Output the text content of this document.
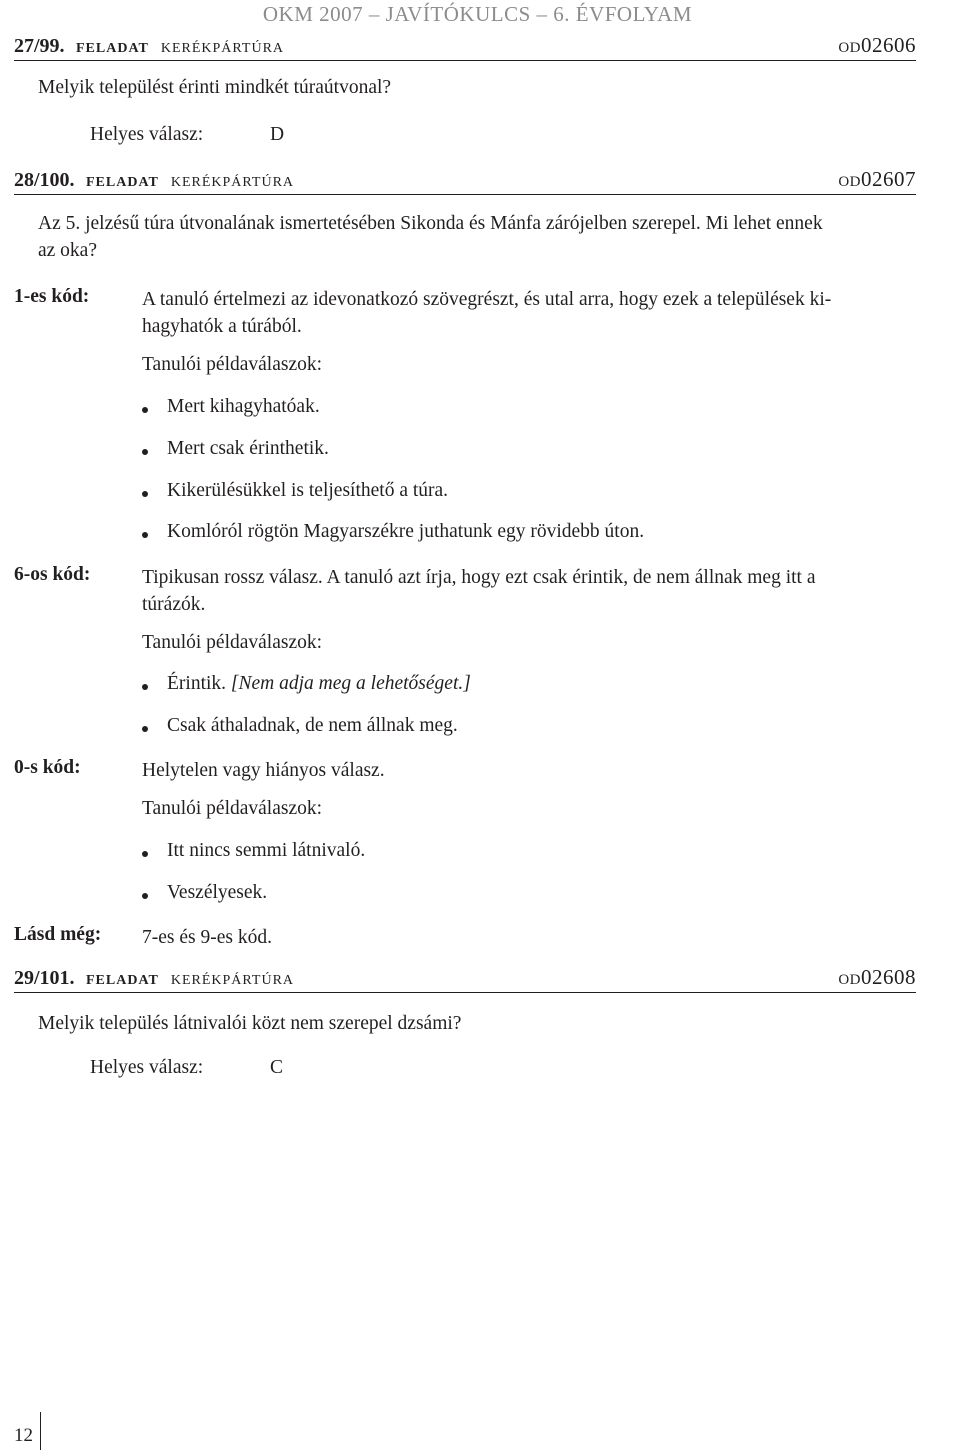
OKM 2007 – JAVÍTÓKULCS – 6. ÉVFOLYAM
27/99. feladat kerékpártúra	od02606
Melyik települést érinti mindkét túraútvonal?
Helyes válasz:	D
28/100. feladat kerékpártúra	od02607
Az 5. jelzésű túra útvonalának ismertetésében Sikonda és Mánfa zárójelben szerepel. Mi lehet ennek
az oka?
1-es kód:	A tanuló értelmezi az idevonatkozó szövegrészt, és utal arra, hogy ezek a települések ki-
hagyhatók a túrából.
Tanulói példaválaszok:
Mert kihagyhatóak.
Mert csak érinthetik.
Kikerülésükkel is teljesíthető a túra.
Komlóról rögtön Magyarszékre juthatunk egy rövidebb úton.
6-os kód:	Tipikusan rossz válasz. A tanuló azt írja, hogy ezt csak érintik, de nem állnak meg itt a
túrázók.
Tanulói példaválaszok:
Érintik. [Nem adja meg a lehetőséget.]
Csak áthaladnak, de nem állnak meg.
0-s kód:	Helytelen vagy hiányos válasz.
Tanulói példaválaszok:
Itt nincs semmi látnivaló.
Veszélyesek.
Lásd még: 7-es és 9-es kód.
29/101. feladat kerékpártúra	od02608
Melyik település látnivalói közt nem szerepel dzsámi?
Helyes válasz:	C
12
